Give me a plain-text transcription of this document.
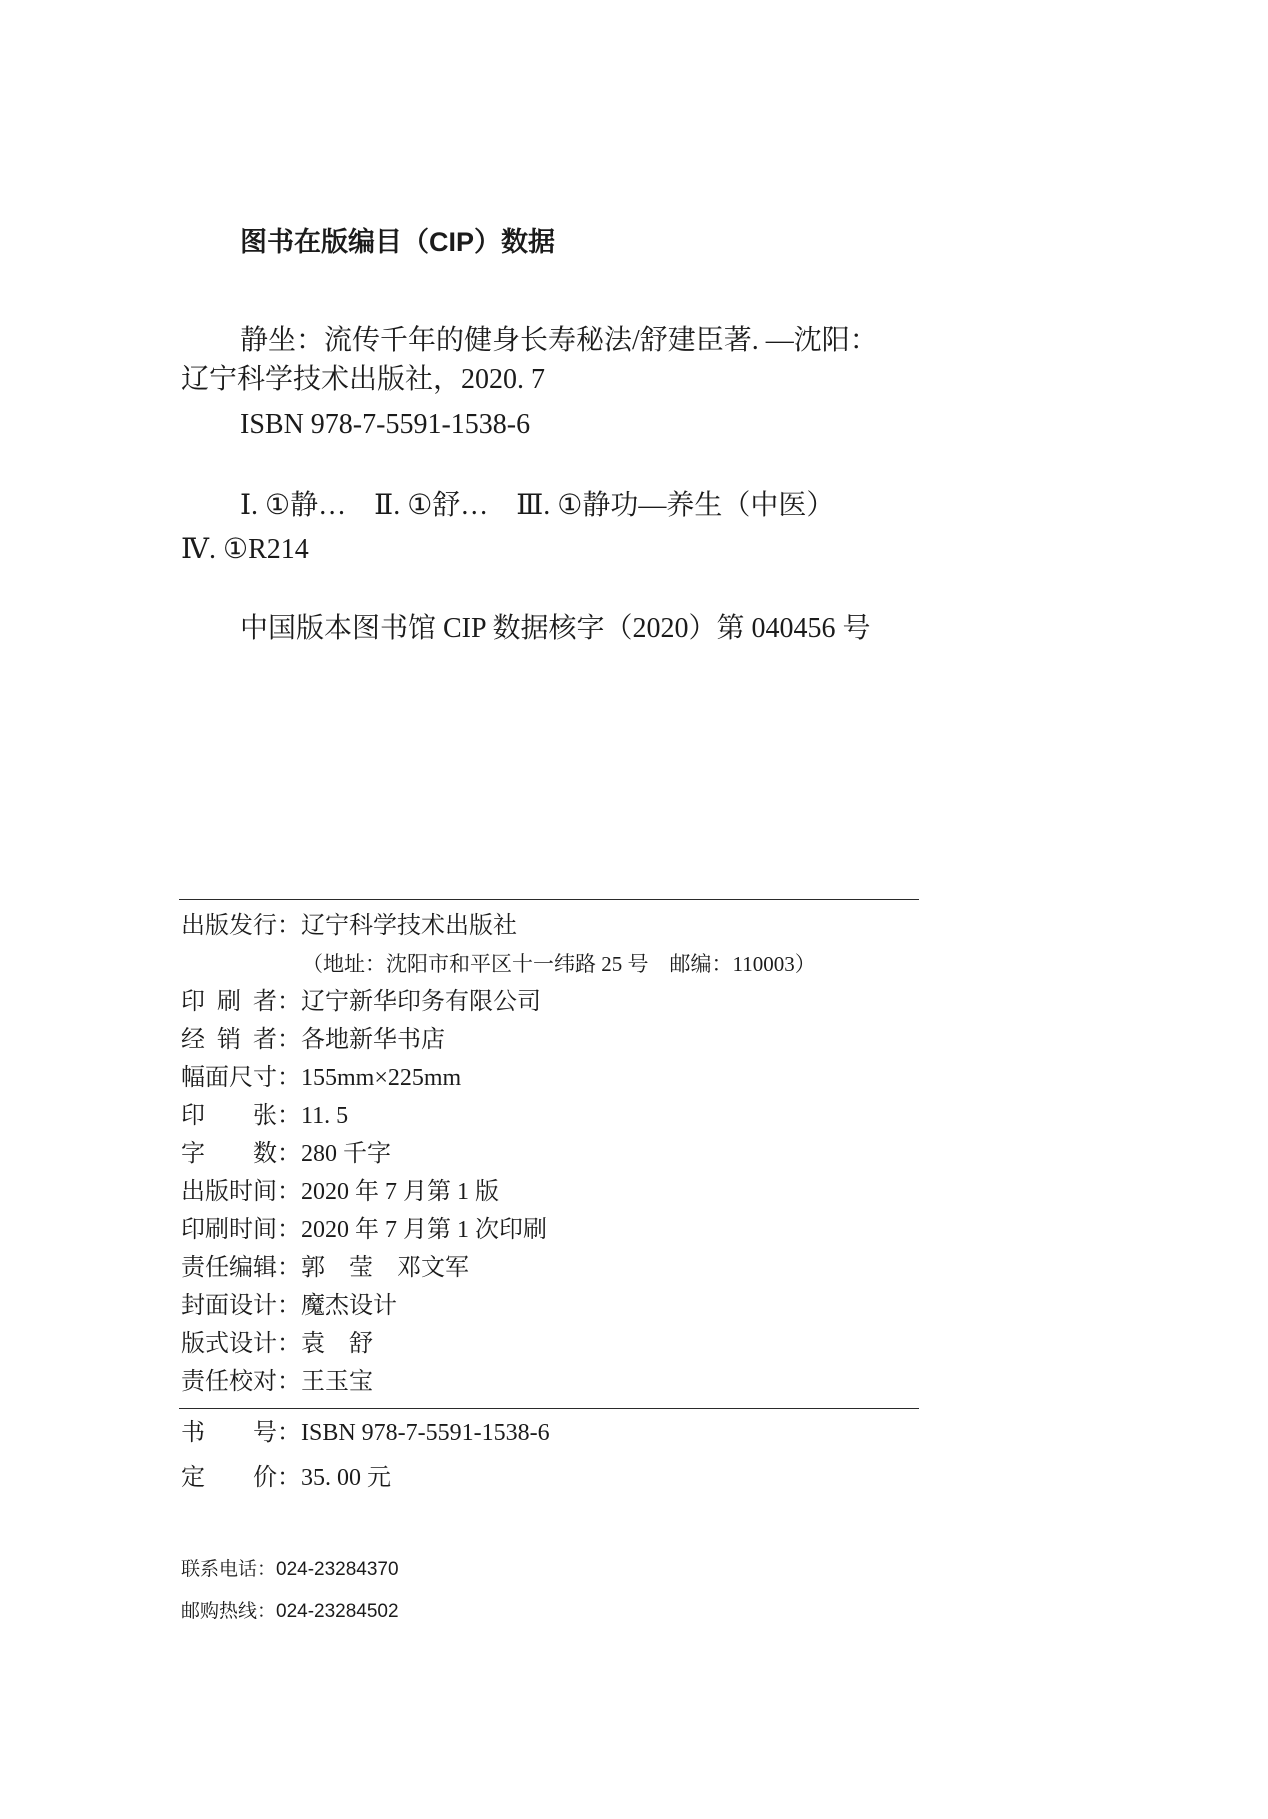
图书在版编目（CIP）数据
静坐：流传千年的健身长寿秘法/舒建臣著. —沈阳：
辽宁科学技术出版社，2020. 7
ISBN 978-7-5591-1538-6
Ⅰ. ①静…　Ⅱ. ①舒…　Ⅲ. ①静功—养生（中医）
Ⅳ. ①R214
中国版本图书馆 CIP 数据核字（2020）第 040456 号
出版发行：辽宁科学技术出版社
（地址：沈阳市和平区十一纬路 25 号　邮编：110003）
印 刷 者：辽宁新华印务有限公司
经 销 者：各地新华书店
幅面尺寸：155mm×225mm
印　　张：11. 5
字　　数：280 千字
出版时间：2020 年 7 月第 1 版
印刷时间：2020 年 7 月第 1 次印刷
责任编辑：郭　莹　邓文军
封面设计：魔杰设计
版式设计：袁　舒
责任校对：王玉宝
书　　号：ISBN 978-7-5591-1538-6
定　　价：35. 00 元
联系电话：024-23284370
邮购热线：024-23284502
